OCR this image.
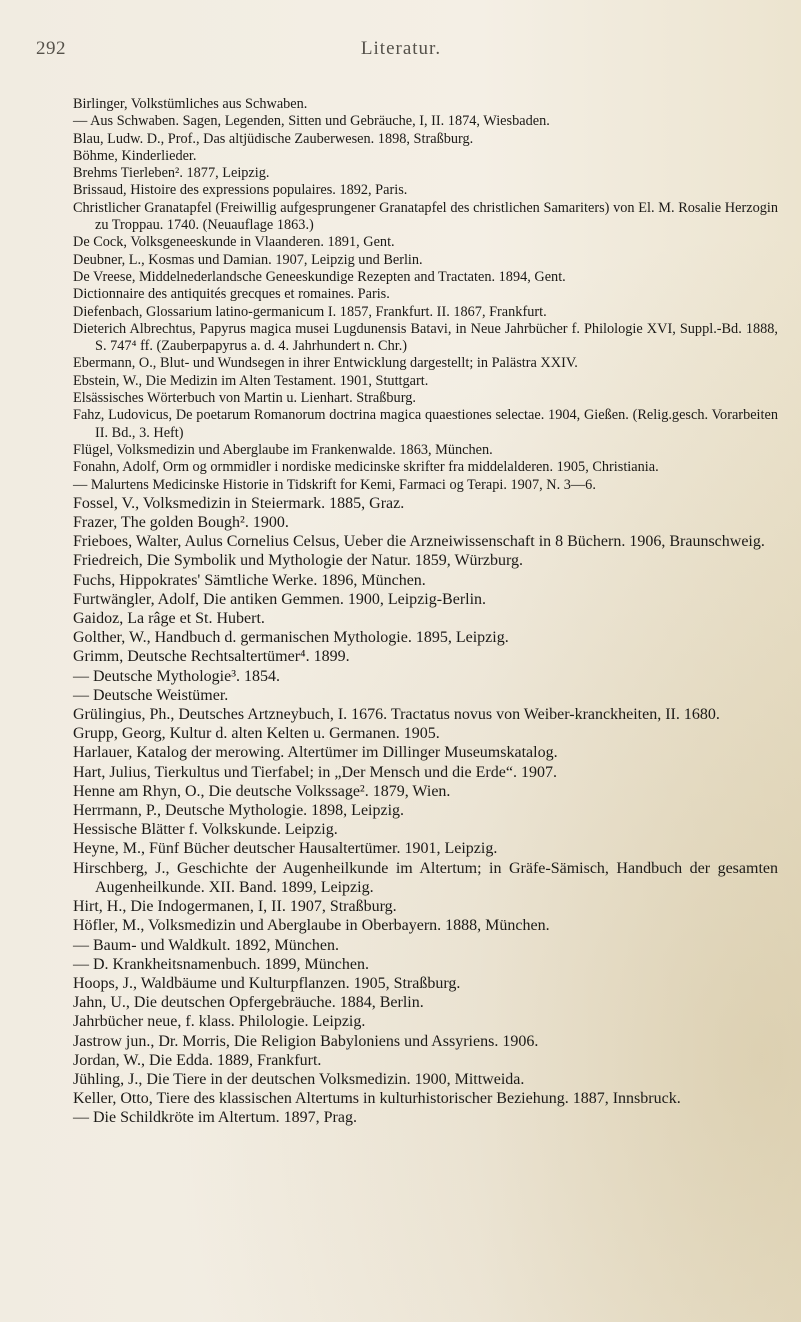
292	Literatur.
Birlinger, Volkstümliches aus Schwaben.
— Aus Schwaben. Sagen, Legenden, Sitten und Gebräuche, I, II. 1874, Wiesbaden.
Blau, Ludw. D., Prof., Das altjüdische Zauberwesen. 1898, Straßburg.
Böhme, Kinderlieder.
Brehms Tierleben². 1877, Leipzig.
Brissaud, Histoire des expressions populaires. 1892, Paris.
Christlicher Granatapfel (Freiwillig aufgesprungener Granatapfel des christlichen Samariters) von El. M. Rosalie Herzogin zu Troppau. 1740. (Neuauflage 1863.)
De Cock, Volksgeneeskunde in Vlaanderen. 1891, Gent.
Deubner, L., Kosmas und Damian. 1907, Leipzig und Berlin.
De Vreese, Middelnederlandsche Geneeskundige Rezepten and Tractaten. 1894, Gent.
Dictionnaire des antiquités grecques et romaines. Paris.
Diefenbach, Glossarium latino-germanicum I. 1857, Frankfurt. II. 1867, Frankfurt.
Dieterich Albrechtus, Papyrus magica musei Lugdunensis Batavi, in Neue Jahrbücher f. Philologie XVI, Suppl.-Bd. 1888, S. 747⁴ ff. (Zauberpapyrus a. d. 4. Jahrhundert n. Chr.)
Ebermann, O., Blut- und Wundsegen in ihrer Entwicklung dargestellt; in Palästra XXIV.
Ebstein, W., Die Medizin im Alten Testament. 1901, Stuttgart.
Elsässisches Wörterbuch von Martin u. Lienhart. Straßburg.
Fahz, Ludovicus, De poetarum Romanorum doctrina magica quaestiones selectae. 1904, Gießen. (Relig.gesch. Vorarbeiten II. Bd., 3. Heft)
Flügel, Volksmedizin und Aberglaube im Frankenwalde. 1863, München.
Fonahn, Adolf, Orm og ormmidler i nordiske medicinske skrifter fra middelalderen. 1905, Christiania.
— Malurtens Medicinske Historie in Tidskrift for Kemi, Farmaci og Terapi. 1907, N. 3—6.
Fossel, V., Volksmedizin in Steiermark. 1885, Graz.
Frazer, The golden Bough². 1900.
Frieboes, Walter, Aulus Cornelius Celsus, Ueber die Arzneiwissenschaft in 8 Büchern. 1906, Braunschweig.
Friedreich, Die Symbolik und Mythologie der Natur. 1859, Würzburg.
Fuchs, Hippokrates' Sämtliche Werke. 1896, München.
Furtwängler, Adolf, Die antiken Gemmen. 1900, Leipzig-Berlin.
Gaidoz, La râge et St. Hubert.
Golther, W., Handbuch d. germanischen Mythologie. 1895, Leipzig.
Grimm, Deutsche Rechtsaltertümer⁴. 1899.
— Deutsche Mythologie³. 1854.
— Deutsche Weistümer.
Grülingius, Ph., Deutsches Artzneybuch, I. 1676. Tractatus novus von Weiber-kranckheiten, II. 1680.
Grupp, Georg, Kultur d. alten Kelten u. Germanen. 1905.
Harlauer, Katalog der merowing. Altertümer im Dillinger Museumskatalog.
Hart, Julius, Tierkultus und Tierfabel; in „Der Mensch und die Erde“. 1907.
Henne am Rhyn, O., Die deutsche Volkssage². 1879, Wien.
Herrmann, P., Deutsche Mythologie. 1898, Leipzig.
Hessische Blätter f. Volkskunde. Leipzig.
Heyne, M., Fünf Bücher deutscher Hausaltertümer. 1901, Leipzig.
Hirschberg, J., Geschichte der Augenheilkunde im Altertum; in Gräfe-Sämisch, Handbuch der gesamten Augenheilkunde. XII. Band. 1899, Leipzig.
Hirt, H., Die Indogermanen, I, II. 1907, Straßburg.
Höfler, M., Volksmedizin und Aberglaube in Oberbayern. 1888, München.
— Baum- und Waldkult. 1892, München.
— D. Krankheitsnamenbuch. 1899, München.
Hoops, J., Waldbäume und Kulturpflanzen. 1905, Straßburg.
Jahn, U., Die deutschen Opfergebräuche. 1884, Berlin.
Jahrbücher neue, f. klass. Philologie. Leipzig.
Jastrow jun., Dr. Morris, Die Religion Babyloniens und Assyriens. 1906.
Jordan, W., Die Edda. 1889, Frankfurt.
Jühling, J., Die Tiere in der deutschen Volksmedizin. 1900, Mittweida.
Keller, Otto, Tiere des klassischen Altertums in kulturhistorischer Beziehung. 1887, Innsbruck.
— Die Schildkröte im Altertum. 1897, Prag.
